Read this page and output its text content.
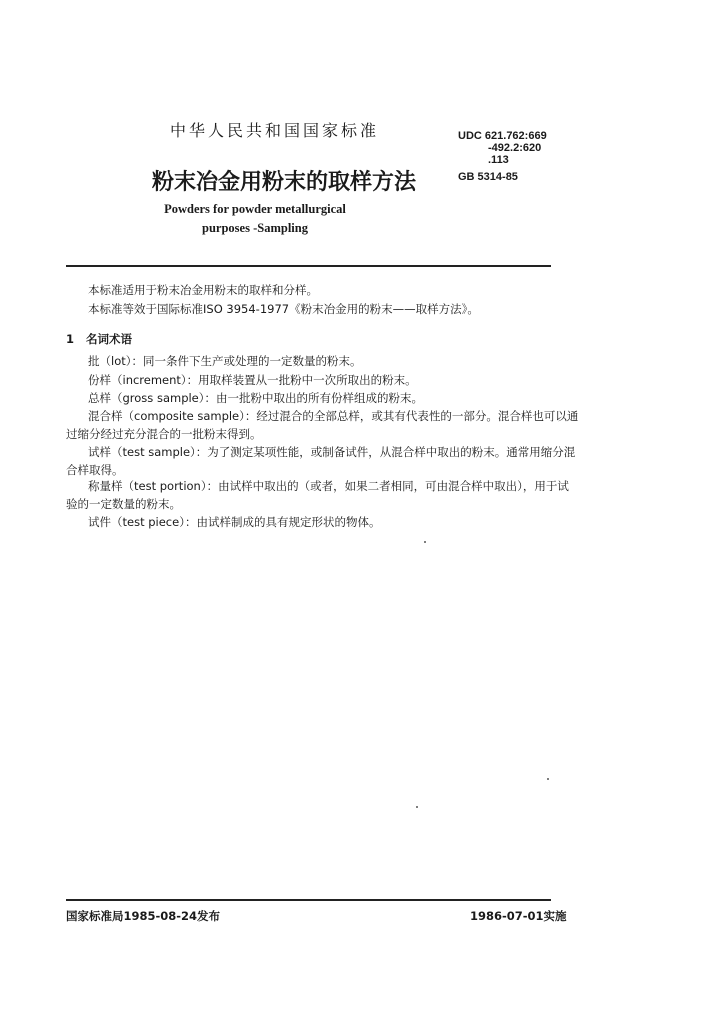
中华人民共和国国家标准	UDC 621.762:669
-492.2:620
.113
粉末冶金用粉末的取样方法	GB 5314-85
Powders for powder metallurgical
purposes -Sampling
本标准适用于粉末冶金用粉末的取样和分样。
本标准等效于国际标准ISO 3954-1977《粉末冶金用的粉末——取样方法》。
1 名词术语
批（lot）：同一条件下生产或处理的一定数量的粉末。
份样（increment）：用取样装置从一批粉中一次所取出的粉末。
总样（gross sample）：由一批粉中取出的所有份样组成的粉末。
混合样（composite sample）：经过混合的全部总样，或其有代表性的一部分。混合样也可以通
过缩分经过充分混合的一批粉末得到。
试样（test sample）：为了测定某项性能，或制备试件，从混合样中取出的粉末。通常用缩分混
合样取得。
称量样（test portion）：由试样中取出的（或者，如果二者相同，可由混合样中取出），用于试
验的一定数量的粉末。
试件（test piece）：由试样制成的具有规定形状的物体。
国家标准局1985-08-24发布	1986-07-01实施
